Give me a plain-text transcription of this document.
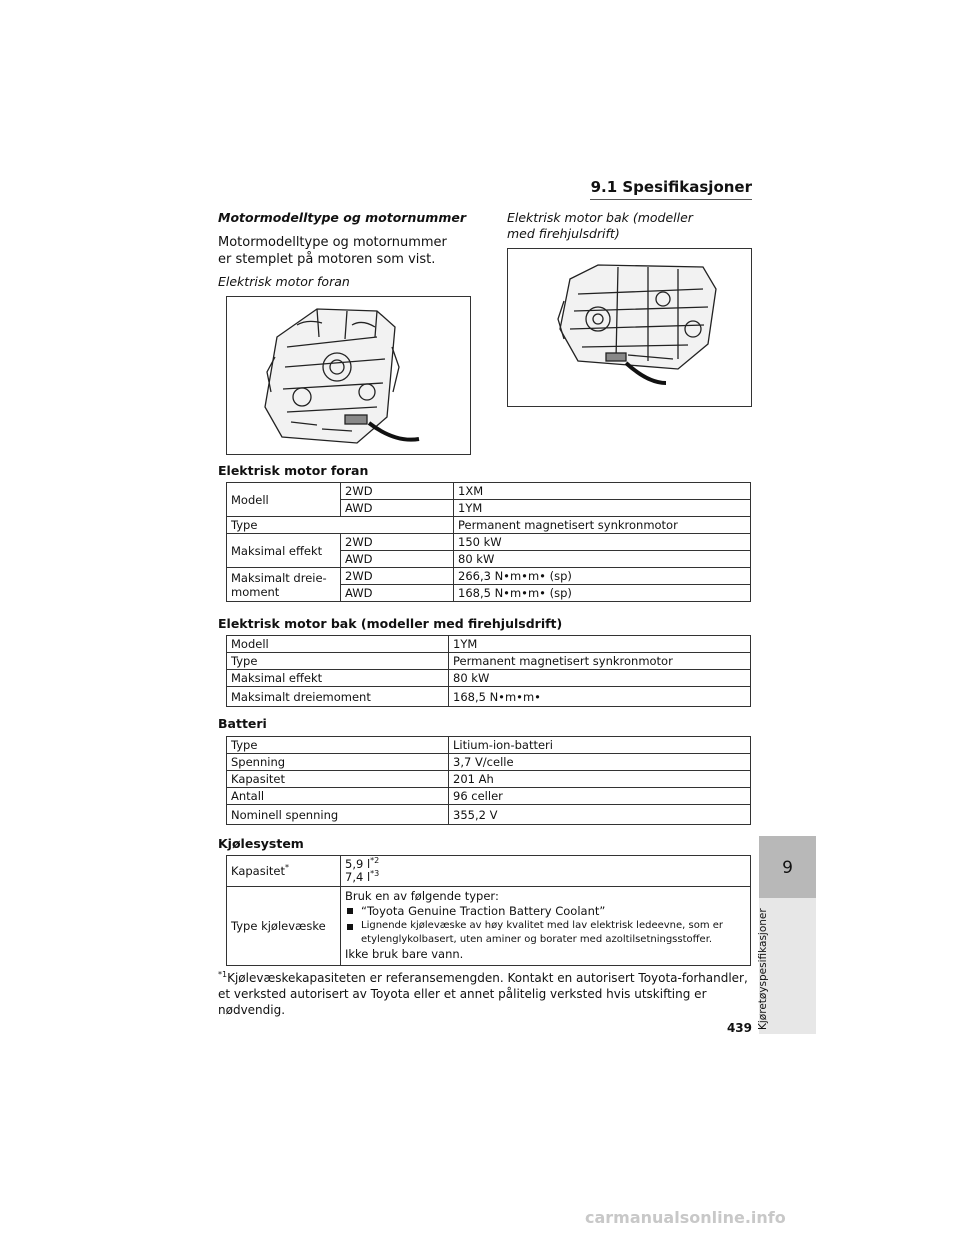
9.1 Spesifikasjoner
Motormodelltype og motornummer
Motormodelltype og motornummer er stemplet på motoren som vist.
Elektrisk motor foran
Elektrisk motor bak (modeller med firehjulsdrift)
Elektrisk motor foran
Modell	2WD	1XM
	AWD	1YM
Type		Permanent magnetisert synkronmotor
Maksimal effekt	2WD	150 kW
	AWD	80 kW
Maksimalt dreie-
moment	2WD	266,3 N•m•m• (sp)
	AWD	168,5 N•m•m• (sp)
Elektrisk motor bak (modeller med firehjulsdrift)
Modell	1YM
Type	Permanent magnetisert synkronmotor
Maksimal effekt	80 kW
Maksimalt dreiemoment	168,5 N•m•m•
Batteri
Type	Litium-ion-batteri
Spenning	3,7 V/celle
Kapasitet	201 Ah
Antall	96 celler
Nominell spenning	355,2 V
Kjølesystem
Kapasitet*	5,9 $l^{*2}$
7,4 $l^{*3}$

Type kjølevæske	Bruk en av følgende typer:
“Toyota Genuine Traction Battery Coolant”
Lignende kjølevæske av høy kvalitet med lav elektrisk ledeevne, som er etylenglykolbasert, uten aminer og borater med azoltilsetningsstoffer.
Ikke bruk bare vann.
$^{*1}$Kjølevæskekapasiteten er referansemengden. Kontakt en autorisert Toyota-forhandler, et verksted autorisert av Toyota eller et annet pålitelig verksted hvis utskifting er nødvendig.
439
9
Kjøretøyspesifikasjoner
carmanualsonline.info
